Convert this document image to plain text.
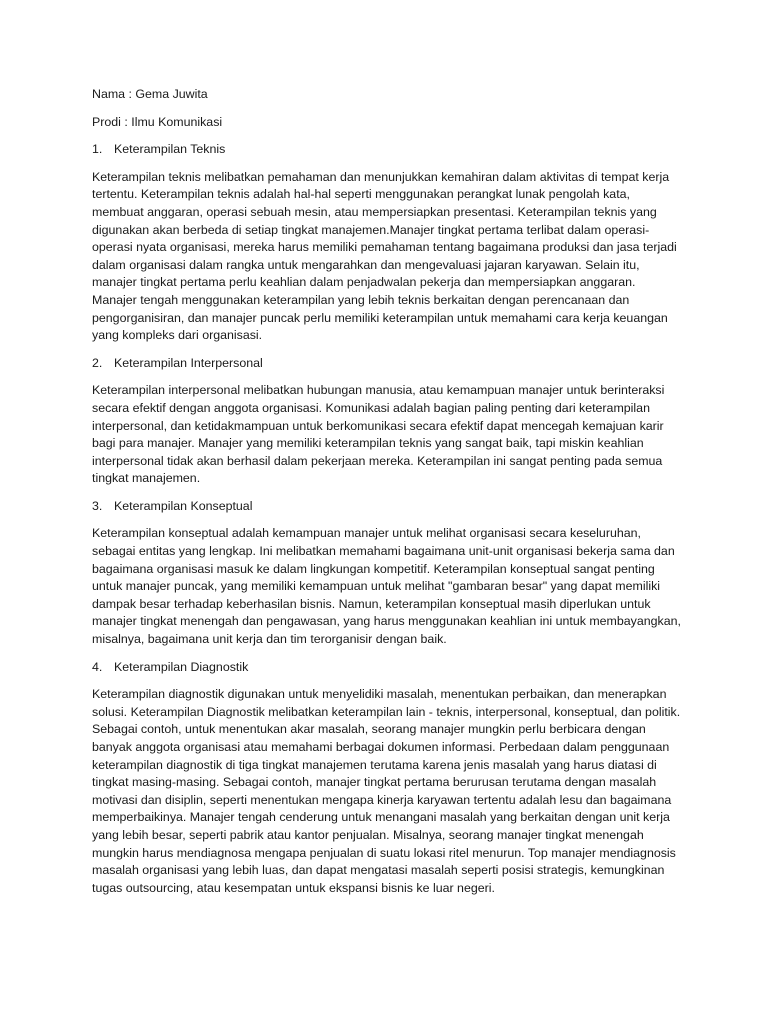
Nama : Gema Juwita

Prodi : Ilmu Komunikasi

1. Keterampilan Teknis

Keterampilan teknis melibatkan pemahaman dan menunjukkan kemahiran dalam aktivitas di tempat kerja tertentu. Keterampilan teknis adalah hal-hal seperti menggunakan perangkat lunak pengolah kata, membuat anggaran, operasi sebuah mesin, atau mempersiapkan presentasi. Keterampilan teknis yang digunakan akan berbeda di setiap tingkat manajemen.Manajer tingkat pertama terlibat dalam operasi-operasi nyata organisasi, mereka harus memiliki pemahaman tentang bagaimana produksi dan jasa terjadi dalam organisasi dalam rangka untuk mengarahkan dan mengevaluasi jajaran karyawan. Selain itu, manajer tingkat pertama perlu keahlian dalam penjadwalan pekerja dan mempersiapkan anggaran. Manajer tengah menggunakan keterampilan yang lebih teknis berkaitan dengan perencanaan dan pengorganisiran, dan manajer puncak perlu memiliki keterampilan untuk memahami cara kerja keuangan yang kompleks dari organisasi.

2. Keterampilan Interpersonal

Keterampilan interpersonal melibatkan hubungan manusia, atau kemampuan manajer untuk berinteraksi secara efektif dengan anggota organisasi. Komunikasi adalah bagian paling penting dari keterampilan interpersonal, dan ketidakmampuan untuk berkomunikasi secara efektif dapat mencegah kemajuan karir bagi para manajer. Manajer yang memiliki keterampilan teknis yang sangat baik, tapi miskin keahlian interpersonal tidak akan berhasil dalam pekerjaan mereka. Keterampilan ini sangat penting pada semua tingkat manajemen.

3. Keterampilan Konseptual

Keterampilan konseptual adalah kemampuan manajer untuk melihat organisasi secara keseluruhan, sebagai entitas yang lengkap. Ini melibatkan memahami bagaimana unit-unit organisasi bekerja sama dan bagaimana organisasi masuk ke dalam lingkungan kompetitif. Keterampilan konseptual sangat penting untuk manajer puncak, yang memiliki kemampuan untuk melihat "gambaran besar" yang dapat memiliki dampak besar terhadap keberhasilan bisnis. Namun, keterampilan konseptual masih diperlukan untuk manajer tingkat menengah dan pengawasan, yang harus menggunakan keahlian ini untuk membayangkan, misalnya, bagaimana unit kerja dan tim terorganisir dengan baik.

4. Keterampilan Diagnostik

Keterampilan diagnostik digunakan untuk menyelidiki masalah, menentukan perbaikan, dan menerapkan solusi. Keterampilan Diagnostik melibatkan keterampilan lain - teknis, interpersonal, konseptual, dan politik. Sebagai contoh, untuk menentukan akar masalah, seorang manajer mungkin perlu berbicara dengan banyak anggota organisasi atau memahami berbagai dokumen informasi. Perbedaan dalam penggunaan keterampilan diagnostik di tiga tingkat manajemen terutama karena jenis masalah yang harus diatasi di tingkat masing-masing. Sebagai contoh, manajer tingkat pertama berurusan terutama dengan masalah motivasi dan disiplin, seperti menentukan mengapa kinerja karyawan tertentu adalah lesu dan bagaimana memperbaikinya. Manajer tengah cenderung untuk menangani masalah yang berkaitan dengan unit kerja yang lebih besar, seperti pabrik atau kantor penjualan. Misalnya, seorang manajer tingkat menengah mungkin harus mendiagnosa mengapa penjualan di suatu lokasi ritel menurun. Top manajer mendiagnosis masalah organisasi yang lebih luas, dan dapat mengatasi masalah seperti posisi strategis, kemungkinan tugas outsourcing, atau kesempatan untuk ekspansi bisnis ke luar negeri.
